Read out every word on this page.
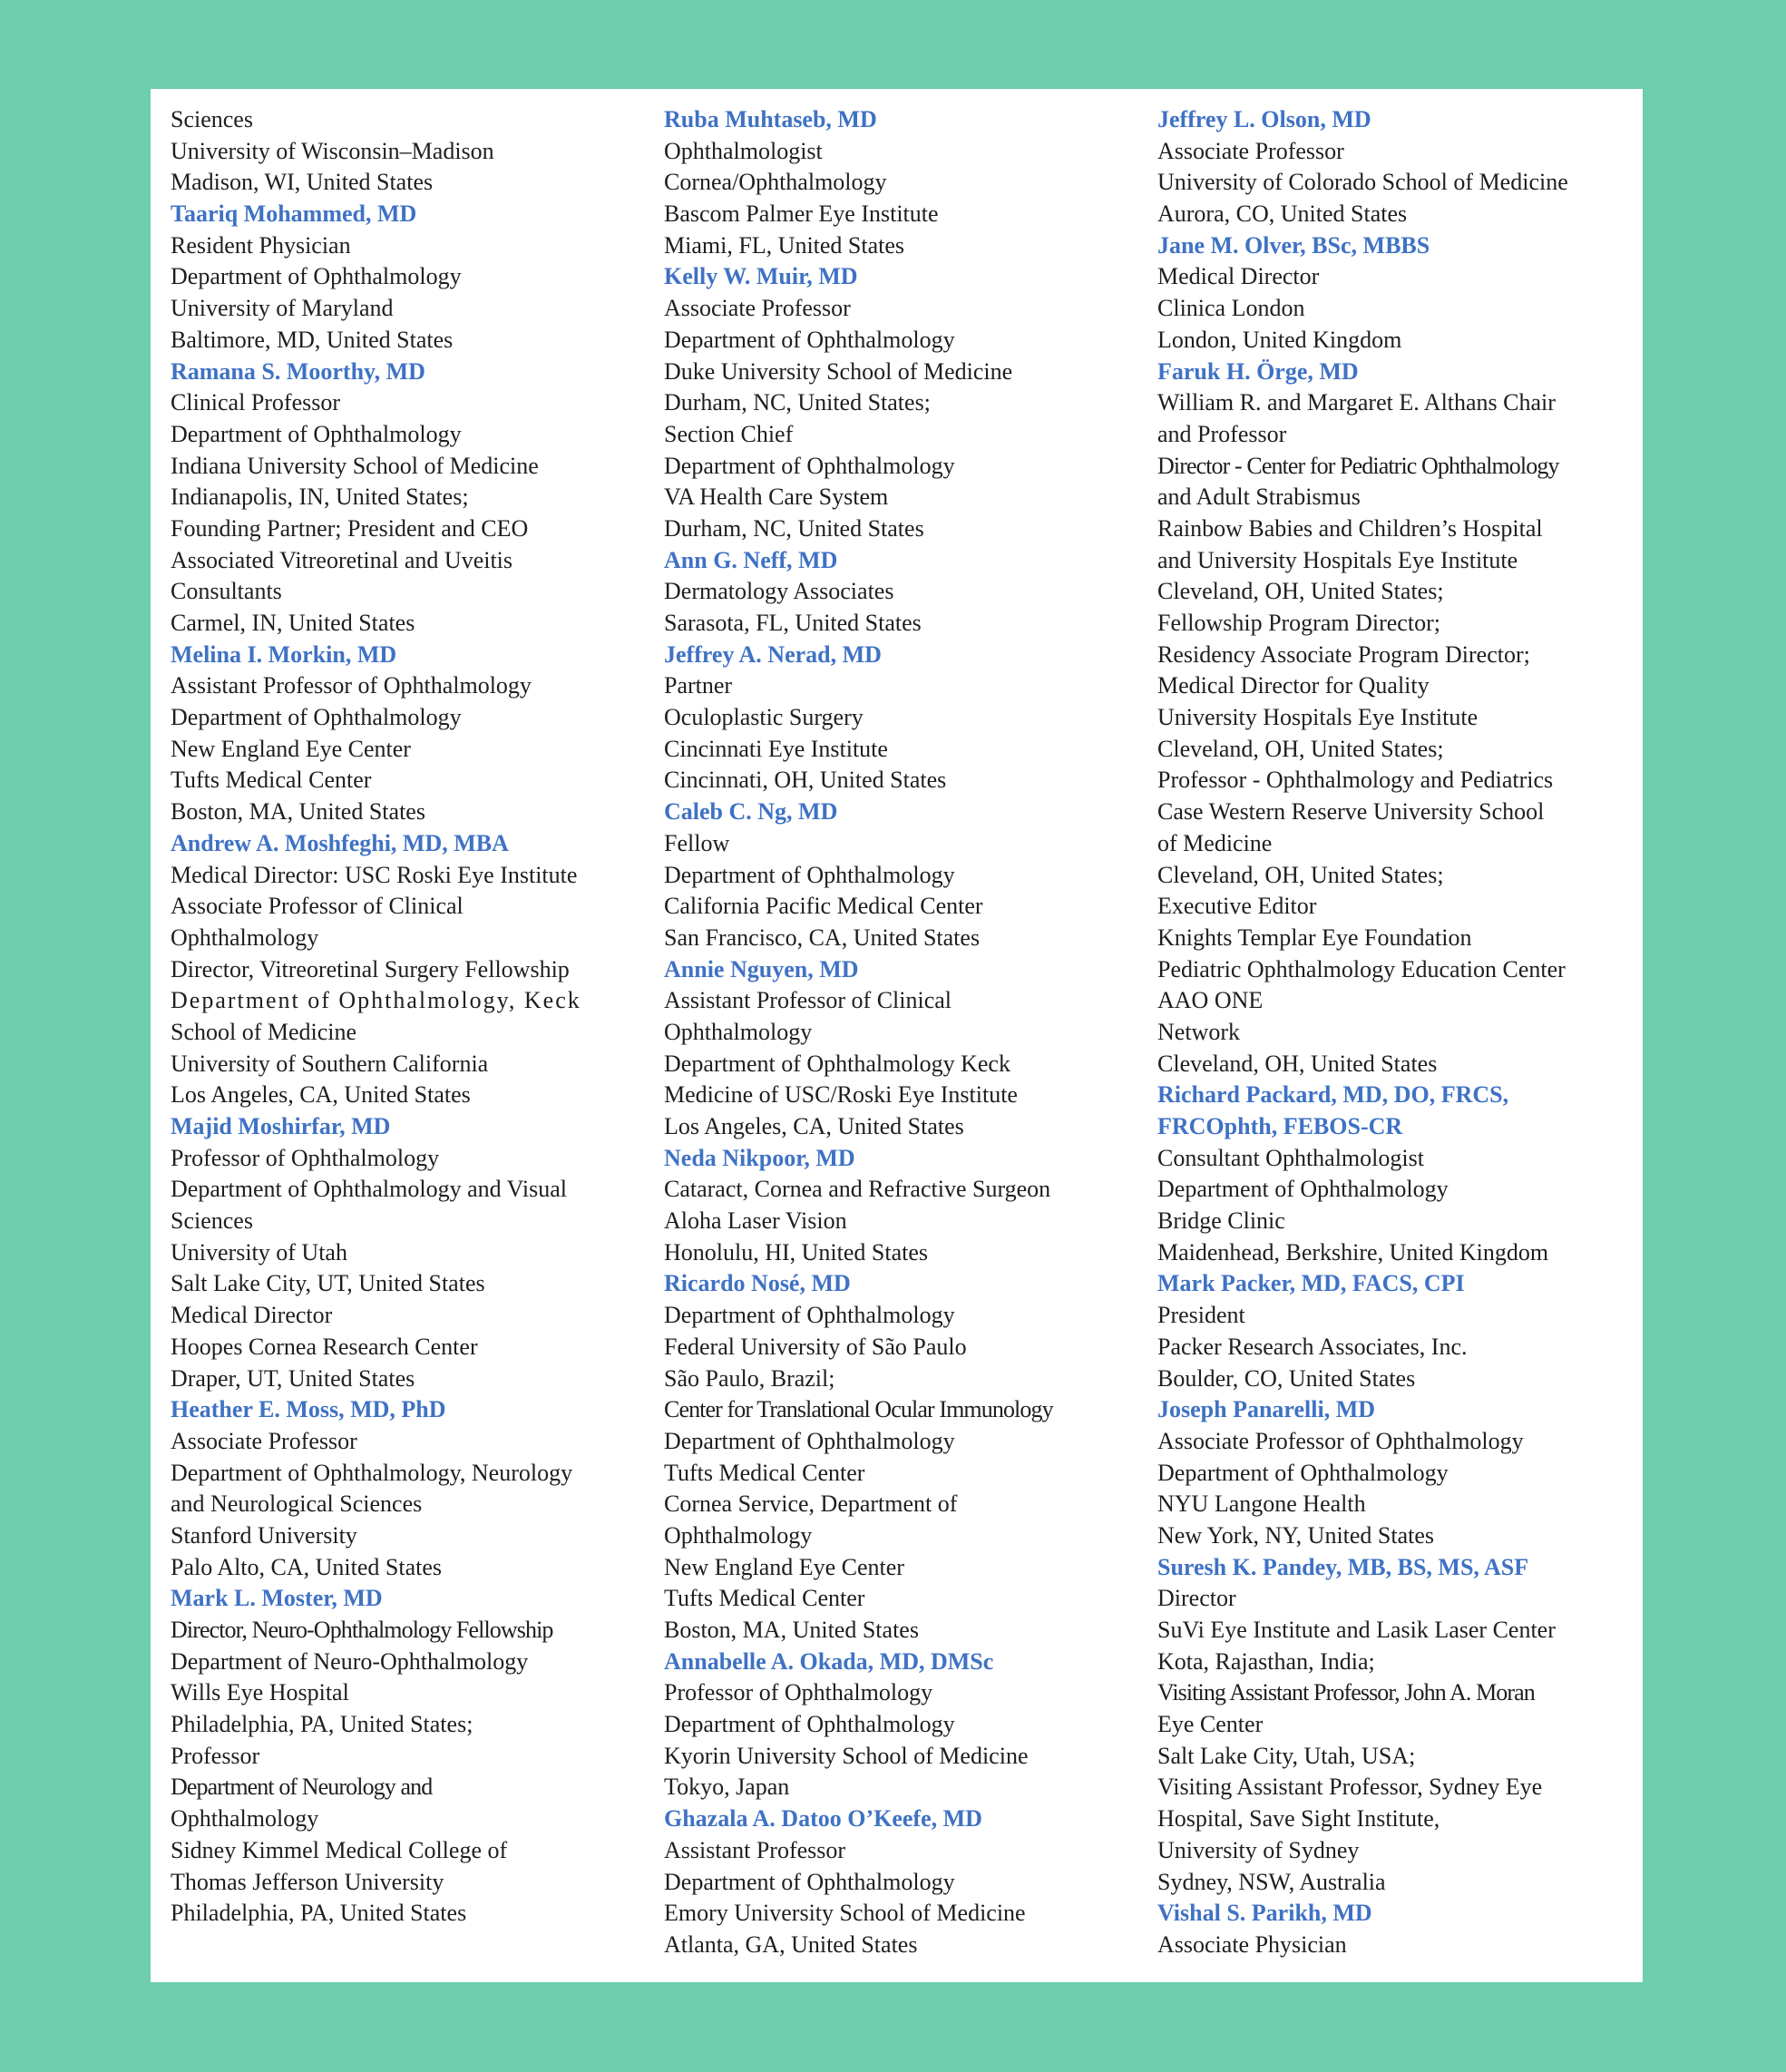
Sciences
University of Wisconsin–Madison
Madison, WI, United States
Taariq Mohammed, MD
Resident Physician
Department of Ophthalmology
University of Maryland
Baltimore, MD, United States
Ramana S. Moorthy, MD
Clinical Professor
Department of Ophthalmology
Indiana University School of Medicine
Indianapolis, IN, United States;
Founding Partner; President and CEO
Associated Vitreoretinal and Uveitis
Consultants
Carmel, IN, United States
Melina I. Morkin, MD
Assistant Professor of Ophthalmology
Department of Ophthalmology
New England Eye Center
Tufts Medical Center
Boston, MA, United States
Andrew A. Moshfeghi, MD, MBA
Medical Director: USC Roski Eye Institute
Associate Professor of Clinical
Ophthalmology
Director, Vitreoretinal Surgery Fellowship
Department of Ophthalmology, Keck
School of Medicine
University of Southern California
Los Angeles, CA, United States
Majid Moshirfar, MD
Professor of Ophthalmology
Department of Ophthalmology and Visual
Sciences
University of Utah
Salt Lake City, UT, United States
Medical Director
Hoopes Cornea Research Center
Draper, UT, United States
Heather E. Moss, MD, PhD
Associate Professor
Department of Ophthalmology, Neurology
and Neurological Sciences
Stanford University
Palo Alto, CA, United States
Mark L. Moster, MD
Director, Neuro-Ophthalmology Fellowship
Department of Neuro-Ophthalmology
Wills Eye Hospital
Philadelphia, PA, United States;
Professor
Department of Neurology and
Ophthalmology
Sidney Kimmel Medical College of
Thomas Jefferson University
Philadelphia, PA, United States
Ruba Muhtaseb, MD
Ophthalmologist
Cornea/Ophthalmology
Bascom Palmer Eye Institute
Miami, FL, United States
Kelly W. Muir, MD
Associate Professor
Department of Ophthalmology
Duke University School of Medicine
Durham, NC, United States;
Section Chief
Department of Ophthalmology
VA Health Care System
Durham, NC, United States
Ann G. Neff, MD
Dermatology Associates
Sarasota, FL, United States
Jeffrey A. Nerad, MD
Partner
Oculoplastic Surgery
Cincinnati Eye Institute
Cincinnati, OH, United States
Caleb C. Ng, MD
Fellow
Department of Ophthalmology
California Pacific Medical Center
San Francisco, CA, United States
Annie Nguyen, MD
Assistant Professor of Clinical
Ophthalmology
Department of Ophthalmology Keck
Medicine of USC/Roski Eye Institute
Los Angeles, CA, United States
Neda Nikpoor, MD
Cataract, Cornea and Refractive Surgeon
Aloha Laser Vision
Honolulu, HI, United States
Ricardo Nosé, MD
Department of Ophthalmology
Federal University of São Paulo
São Paulo, Brazil;
Center for Translational Ocular Immunology
Department of Ophthalmology
Tufts Medical Center
Cornea Service, Department of
Ophthalmology
New England Eye Center
Tufts Medical Center
Boston, MA, United States
Annabelle A. Okada, MD, DMSc
Professor of Ophthalmology
Department of Ophthalmology
Kyorin University School of Medicine
Tokyo, Japan
Ghazala A. Datoo O’Keefe, MD
Assistant Professor
Department of Ophthalmology
Emory University School of Medicine
Atlanta, GA, United States
Jeffrey L. Olson, MD
Associate Professor
University of Colorado School of Medicine
Aurora, CO, United States
Jane M. Olver, BSc, MBBS
Medical Director
Clinica London
London, United Kingdom
Faruk H. Örge, MD
William R. and Margaret E. Althans Chair
and Professor
Director - Center for Pediatric Ophthalmology
and Adult Strabismus
Rainbow Babies and Children’s Hospital
and University Hospitals Eye Institute
Cleveland, OH, United States;
Fellowship Program Director;
Residency Associate Program Director;
Medical Director for Quality
University Hospitals Eye Institute
Cleveland, OH, United States;
Professor - Ophthalmology and Pediatrics
Case Western Reserve University School
of Medicine
Cleveland, OH, United States;
Executive Editor
Knights Templar Eye Foundation
Pediatric Ophthalmology Education Center
AAO ONE
Network
Cleveland, OH, United States
Richard Packard, MD, DO, FRCS,
FRCOphth, FEBOS-CR
Consultant Ophthalmologist
Department of Ophthalmology
Bridge Clinic
Maidenhead, Berkshire, United Kingdom
Mark Packer, MD, FACS, CPI
President
Packer Research Associates, Inc.
Boulder, CO, United States
Joseph Panarelli, MD
Associate Professor of Ophthalmology
Department of Ophthalmology
NYU Langone Health
New York, NY, United States
Suresh K. Pandey, MB, BS, MS, ASF
Director
SuVi Eye Institute and Lasik Laser Center
Kota, Rajasthan, India;
Visiting Assistant Professor, John A. Moran
Eye Center
Salt Lake City, Utah, USA;
Visiting Assistant Professor, Sydney Eye
Hospital, Save Sight Institute,
University of Sydney
Sydney, NSW, Australia
Vishal S. Parikh, MD
Associate Physician
